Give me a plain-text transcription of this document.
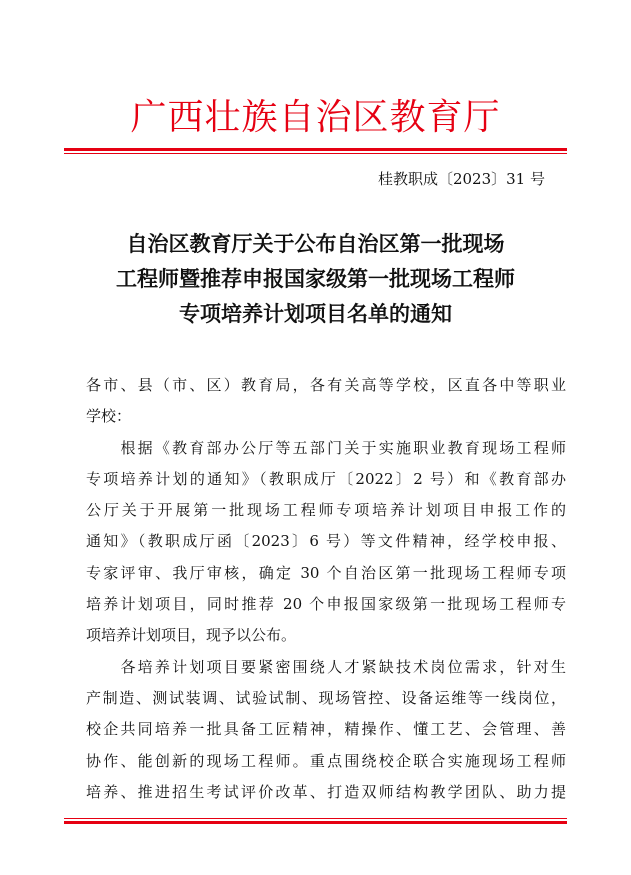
广西壮族自治区教育厅
桂教职成〔2023〕31 号
自治区教育厅关于公布自治区第一批现场
工程师暨推荐申报国家级第一批现场工程师
专项培养计划项目名单的通知
各市、县（市、区）教育局，各有关高等学校，区直各中等职业
学校：
　　根据《教育部办公厅等五部门关于实施职业教育现场工程师
专项培养计划的通知》（教职成厅〔2022〕2 号）和《教育部办
公厅关于开展第一批现场工程师专项培养计划项目申报工作的
通知》（教职成厅函〔2023〕6 号）等文件精神，经学校申报、
专家评审、我厅审核，确定 30 个自治区第一批现场工程师专项
培养计划项目，同时推荐 20 个申报国家级第一批现场工程师专
项培养计划项目，现予以公布。
　　各培养计划项目要紧密围绕人才紧缺技术岗位需求，针对生
产制造、测试装调、试验试制、现场管控、设备运维等一线岗位，
校企共同培养一批具备工匠精神，精操作、懂工艺、会管理、善
协作、能创新的现场工程师。重点围绕校企联合实施现场工程师
培养、推进招生考试评价改革、打造双师结构教学团队、助力提
